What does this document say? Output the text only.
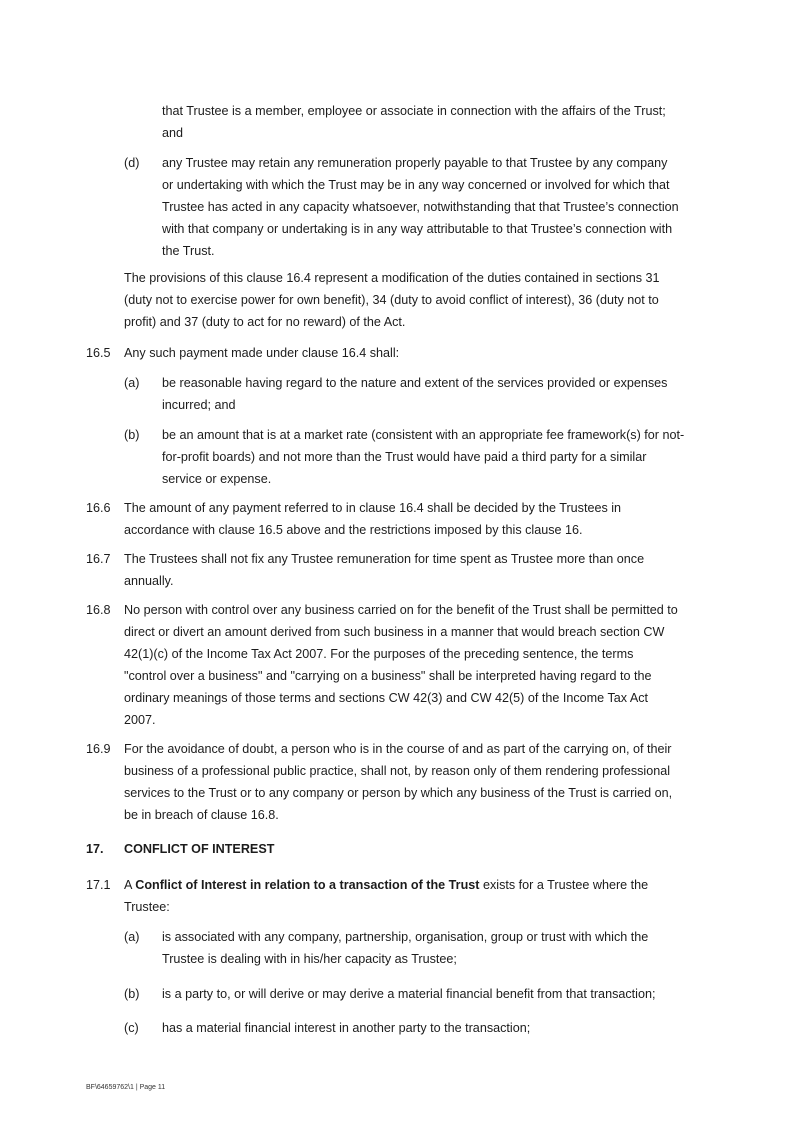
that Trustee is a member, employee or associate in connection with the affairs of the Trust;
and
(d) any Trustee may retain any remuneration properly payable to that Trustee by any company
or undertaking with which the Trust may be in any way concerned or involved for which that
Trustee has acted in any capacity whatsoever, notwithstanding that that Trustee’s connection
with that company or undertaking is in any way attributable to that Trustee’s connection with
the Trust.
The provisions of this clause 16.4 represent a modification of the duties contained in sections 31
(duty not to exercise power for own benefit), 34 (duty to avoid conflict of interest), 36 (duty not to
profit) and 37 (duty to act for no reward) of the Act.
16.5 Any such payment made under clause 16.4 shall:
(a) be reasonable having regard to the nature and extent of the services provided or expenses
incurred; and
(b) be an amount that is at a market rate (consistent with an appropriate fee framework(s) for not-
for-profit boards) and not more than the Trust would have paid a third party for a similar
service or expense.
16.6 The amount of any payment referred to in clause 16.4 shall be decided by the Trustees in
accordance with clause 16.5 above and the restrictions imposed by this clause 16.
16.7 The Trustees shall not fix any Trustee remuneration for time spent as Trustee more than once
annually.
16.8 No person with control over any business carried on for the benefit of the Trust shall be permitted to
direct or divert an amount derived from such business in a manner that would breach section CW
42(1)(c) of the Income Tax Act 2007. For the purposes of the preceding sentence, the terms
"control over a business" and "carrying on a business" shall be interpreted having regard to the
ordinary meanings of those terms and sections CW 42(3) and CW 42(5) of the Income Tax Act
2007.
16.9 For the avoidance of doubt, a person who is in the course of and as part of the carrying on, of their
business of a professional public practice, shall not, by reason only of them rendering professional
services to the Trust or to any company or person by which any business of the Trust is carried on,
be in breach of clause 16.8.
17. CONFLICT OF INTEREST
17.1 A Conflict of Interest in relation to a transaction of the Trust exists for a Trustee where the
Trustee:
(a) is associated with any company, partnership, organisation, group or trust with which the
Trustee is dealing with in his/her capacity as Trustee;
(b) is a party to, or will derive or may derive a material financial benefit from that transaction;
(c) has a material financial interest in another party to the transaction;
BF\64659762\1 | Page 11
